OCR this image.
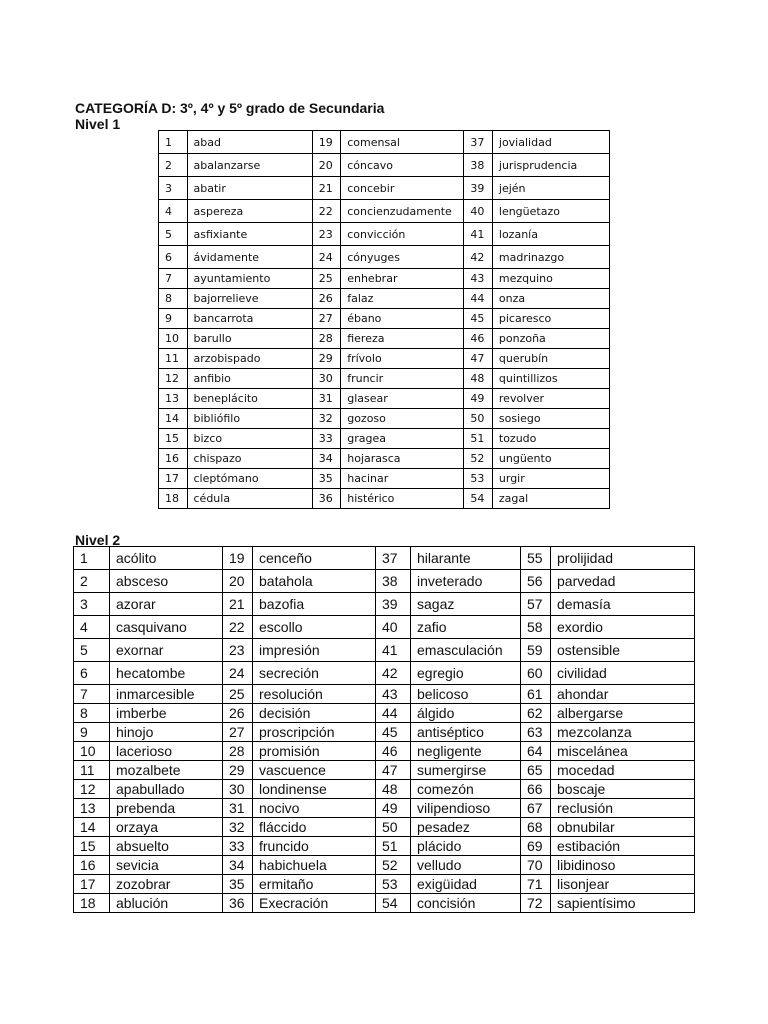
CATEGORÍA D: 3º, 4º y 5º grado de Secundaria
Nivel 1
1	abad	19	comensal	37	jovialidad
2	abalanzarse	20	cóncavo	38	jurisprudencia
3	abatir	21	concebir	39	jején
4	aspereza	22	concienzudamente	40	lengüetazo
5	asfixiante	23	convicción	41	lozanía
6	ávidamente	24	cónyuges	42	madrinazgo
7	ayuntamiento	25	enhebrar	43	mezquino
8	bajorrelieve	26	falaz	44	onza
9	bancarrota	27	ébano	45	picaresco
10	barullo	28	fiereza	46	ponzoña
11	arzobispado	29	frívolo	47	querubín
12	anfibio	30	fruncir	48	quintillizos
13	beneplácito	31	glasear	49	revolver
14	bibliófilo	32	gozoso	50	sosiego
15	bizco	33	gragea	51	tozudo
16	chispazo	34	hojarasca	52	ungüento
17	cleptómano	35	hacinar	53	urgir
18	cédula	36	histérico	54	zagal
Nivel 2
1	acólito	19	cenceño	37	hilarante	55	prolijidad
2	absceso	20	batahola	38	inveterado	56	parvedad
3	azorar	21	bazofia	39	sagaz	57	demasía
4	casquivano	22	escollo	40	zafio	58	exordio
5	exornar	23	impresión	41	emasculación	59	ostensible
6	hecatombe	24	secreción	42	egregio	60	civilidad
7	inmarcesible	25	resolución	43	belicoso	61	ahondar
8	imberbe	26	decisión	44	álgido	62	albergarse
9	hinojo	27	proscripción	45	antiséptico	63	mezcolanza
10	lacerioso	28	promisión	46	negligente	64	miscelánea
11	mozalbete	29	vascuence	47	sumergirse	65	mocedad
12	apabullado	30	londinense	48	comezón	66	boscaje
13	prebenda	31	nocivo	49	vilipendioso	67	reclusión
14	orzaya	32	fláccido	50	pesadez	68	obnubilar
15	absuelto	33	fruncido	51	plácido	69	estibación
16	sevicia	34	habichuela	52	velludo	70	libidinoso
17	zozobrar	35	ermitaño	53	exigüidad	71	lisonjear
18	ablución	36	Execración	54	concisión	72	sapientísimo
